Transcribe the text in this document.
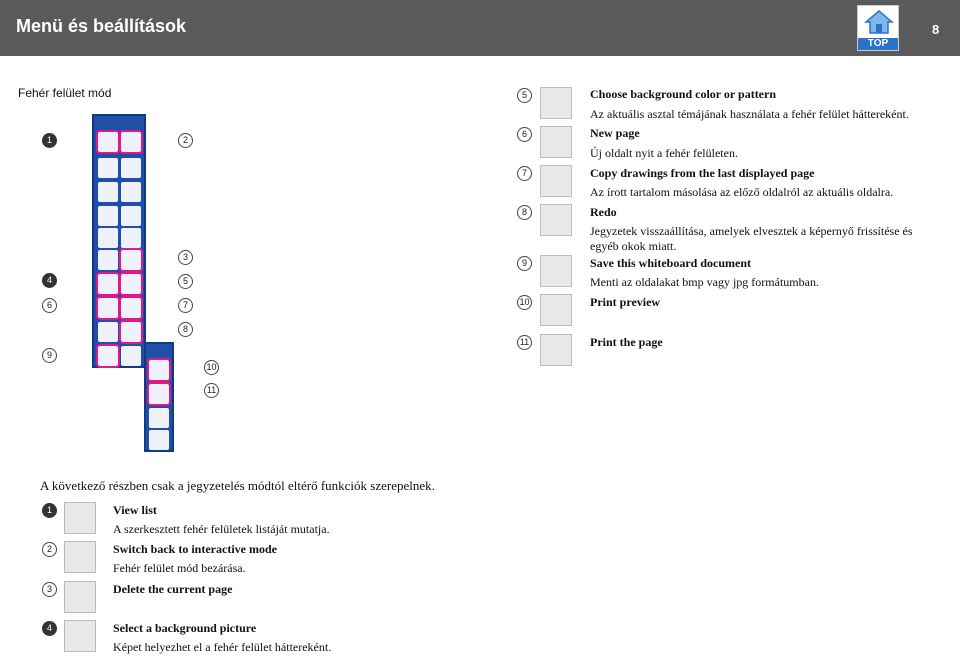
Menü és beállítások
TOP
8
Fehér felület mód
1	2
3
4	5
6	7
8
9
10
11
5	Choose background color or pattern
Az aktuális asztal témájának használata a fehér felület háttereként.
6	New page
Új oldalt nyit a fehér felületen.
7	Copy drawings from the last displayed page
Az írott tartalom másolása az előző oldalról az aktuális oldalra.
8	Redo
Jegyzetek visszaállítása, amelyek elvesztek a képernyő frissítése és egyéb okok miatt.
9	Save this whiteboard document
Menti az oldalakat bmp vagy jpg formátumban.
10	Print preview
11	Print the page
A következő részben csak a jegyzetelés módtól eltérő funkciók szerepelnek.
1	View list
A szerkesztett fehér felületek listáját mutatja.
2	Switch back to interactive mode
Fehér felület mód bezárása.
3	Delete the current page
4	Select a background picture
Képet helyezhet el a fehér felület háttereként.
